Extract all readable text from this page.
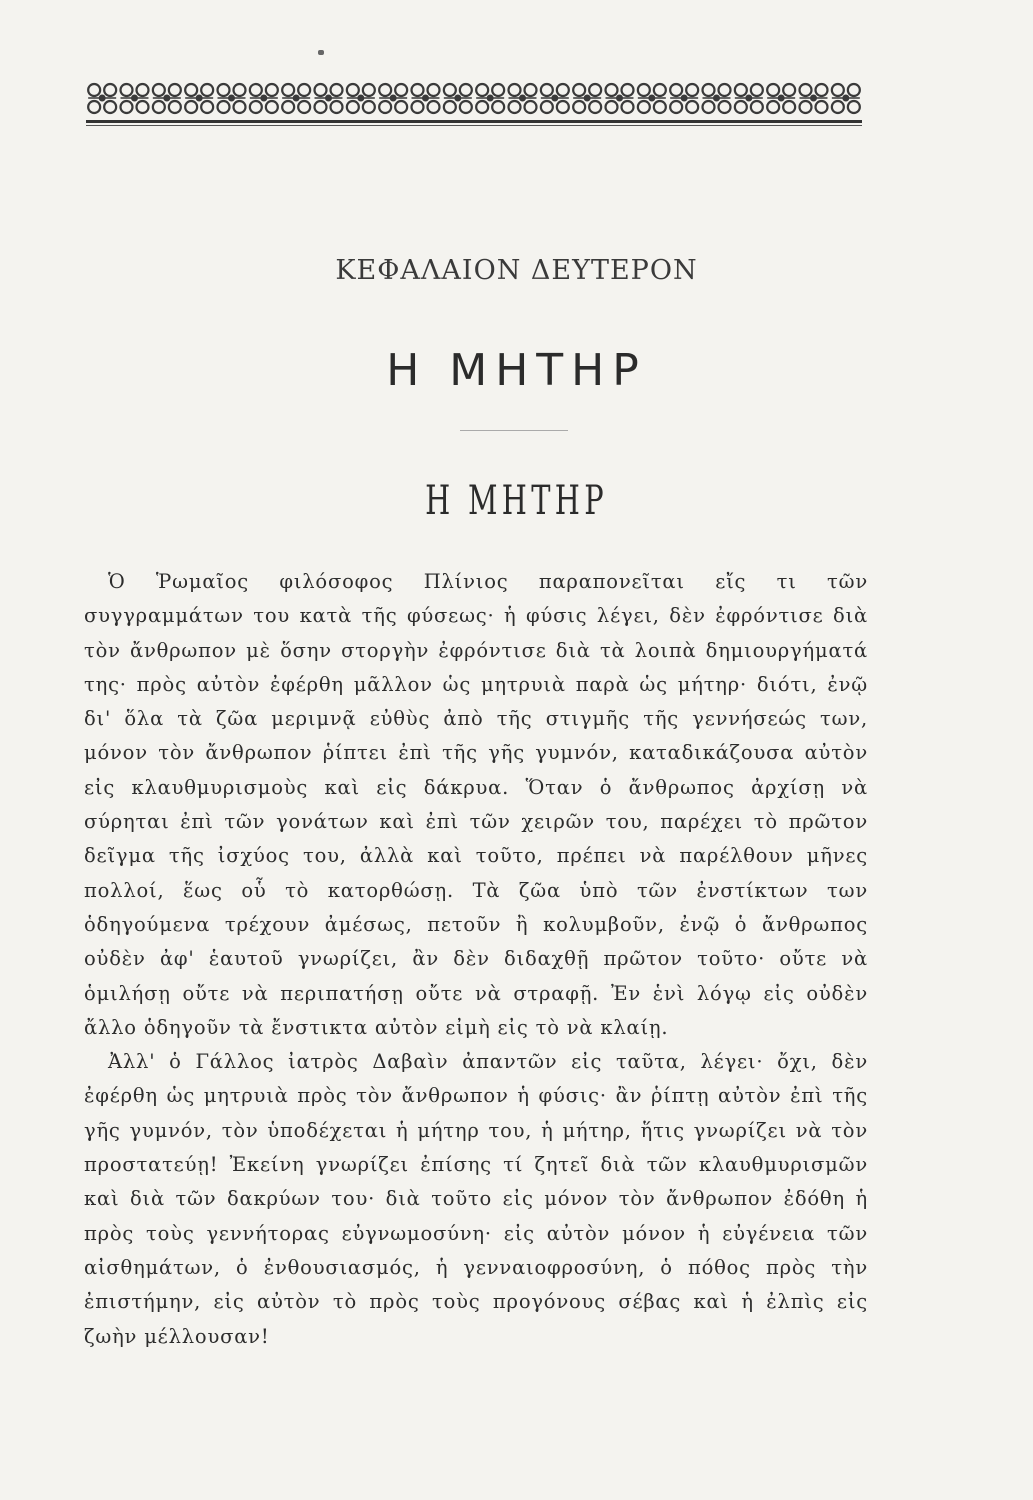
ΚΕΦΑΛΑΙΟΝ ΔΕΥΤΕΡΟΝ
Η ΜΗΤΗΡ
Η ΜΗΤΗΡ

Ὁ Ῥωμαῖος φιλόσοφος Πλίνιος παραπονεῖται εἴς τι τῶν συγγραμμάτων του κατὰ τῆς φύσεως· ἡ φύσις λέγει, δὲν ἐφρόντισε διὰ τὸν ἄνθρωπον μὲ ὅσην στοργὴν ἐφρόντισε διὰ τὰ λοιπὰ δημιουργήματά της· πρὸς αὐτὸν ἐφέρθη μᾶλλον ὡς μητρυιὰ παρὰ ὡς μήτηρ· διότι, ἐνῷ δι' ὅλα τὰ ζῶα μεριμνᾷ εὐθὺς ἀπὸ τῆς στιγμῆς τῆς γεννήσεώς των, μόνον τὸν ἄνθρωπον ῥίπτει ἐπὶ τῆς γῆς γυμνόν, καταδικάζουσα αὐτὸν εἰς κλαυθμυρισμοὺς καὶ εἰς δάκρυα. Ὅταν ὁ ἄνθρωπος ἀρχίσῃ νὰ σύρηται ἐπὶ τῶν γονάτων καὶ ἐπὶ τῶν χειρῶν του, παρέχει τὸ πρῶτον δεῖγμα τῆς ἰσχύος του, ἀλλὰ καὶ τοῦτο, πρέπει νὰ παρέλθουν μῆνες πολλοί, ἕως οὗ τὸ κατορθώσῃ. Τὰ ζῶα ὑπὸ τῶν ἐνστίκτων των ὁδηγούμενα τρέχουν ἀμέσως, πετοῦν ἢ κολυμβοῦν, ἐνῷ ὁ ἄνθρωπος οὐδὲν ἀφ' ἑαυτοῦ γνωρίζει, ἂν δὲν διδαχθῇ πρῶτον τοῦτο· οὔτε νὰ ὁμιλήσῃ οὔτε νὰ περιπατήσῃ οὔτε νὰ στραφῇ. Ἐν ἑνὶ λόγῳ εἰς οὐδὲν ἄλλο ὁδηγοῦν τὰ ἔνστικτα αὐτὸν εἰμὴ εἰς τὸ νὰ κλαίῃ.

Ἀλλ' ὁ Γάλλος ἰατρὸς Δαβαὶν ἀπαντῶν εἰς ταῦτα, λέγει· ὄχι, δὲν ἐφέρθη ὡς μητρυιὰ πρὸς τὸν ἄνθρωπον ἡ φύσις· ἂν ῥίπτῃ αὐτὸν ἐπὶ τῆς γῆς γυμνόν, τὸν ὑποδέχεται ἡ μήτηρ του, ἡ μήτηρ, ἥτις γνωρίζει νὰ τὸν προστατεύῃ! Ἐκείνη γνωρίζει ἐπίσης τί ζητεῖ διὰ τῶν κλαυθμυρισμῶν καὶ διὰ τῶν δακρύων του· διὰ τοῦτο εἰς μόνον τὸν ἄνθρωπον ἐδόθη ἡ πρὸς τοὺς γεννήτορας εὐγνωμοσύνη· εἰς αὐτὸν μόνον ἡ εὐγένεια τῶν αἰσθημάτων, ὁ ἐνθουσιασμός, ἡ γενναιοφροσύνη, ὁ πόθος πρὸς τὴν ἐπιστήμην, εἰς αὐτὸν τὸ πρὸς τοὺς προγόνους σέβας καὶ ἡ ἐλπὶς εἰς ζωὴν μέλλουσαν!
